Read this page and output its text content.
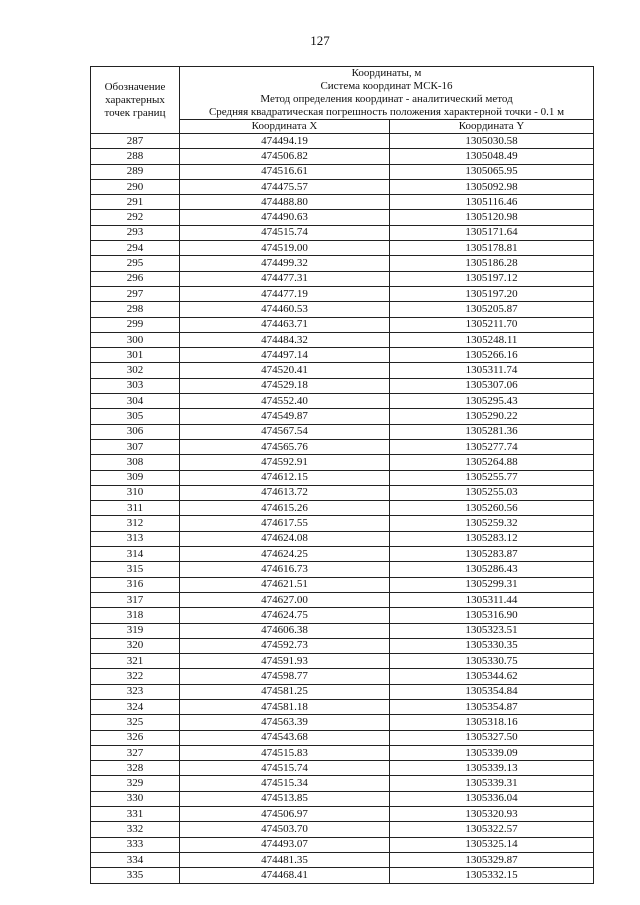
127
Обозначение характерных точек границ	Координаты, м
Система координат МСК-16
Метод определения координат - аналитический метод
Средняя квадратическая погрешность положения характерной точки - 0.1 м	

	Координата X	Координата Y
287	474494.19	1305030.58
288	474506.82	1305048.49
289	474516.61	1305065.95
290	474475.57	1305092.98
291	474488.80	1305116.46
292	474490.63	1305120.98
293	474515.74	1305171.64
294	474519.00	1305178.81
295	474499.32	1305186.28
296	474477.31	1305197.12
297	474477.19	1305197.20
298	474460.53	1305205.87
299	474463.71	1305211.70
300	474484.32	1305248.11
301	474497.14	1305266.16
302	474520.41	1305311.74
303	474529.18	1305307.06
304	474552.40	1305295.43
305	474549.87	1305290.22
306	474567.54	1305281.36
307	474565.76	1305277.74
308	474592.91	1305264.88
309	474612.15	1305255.77
310	474613.72	1305255.03
311	474615.26	1305260.56
312	474617.55	1305259.32
313	474624.08	1305283.12
314	474624.25	1305283.87
315	474616.73	1305286.43
316	474621.51	1305299.31
317	474627.00	1305311.44
318	474624.75	1305316.90
319	474606.38	1305323.51
320	474592.73	1305330.35
321	474591.93	1305330.75
322	474598.77	1305344.62
323	474581.25	1305354.84
324	474581.18	1305354.87
325	474563.39	1305318.16
326	474543.68	1305327.50
327	474515.83	1305339.09
328	474515.74	1305339.13
329	474515.34	1305339.31
330	474513.85	1305336.04
331	474506.97	1305320.93
332	474503.70	1305322.57
333	474493.07	1305325.14
334	474481.35	1305329.87
335	474468.41	1305332.15
